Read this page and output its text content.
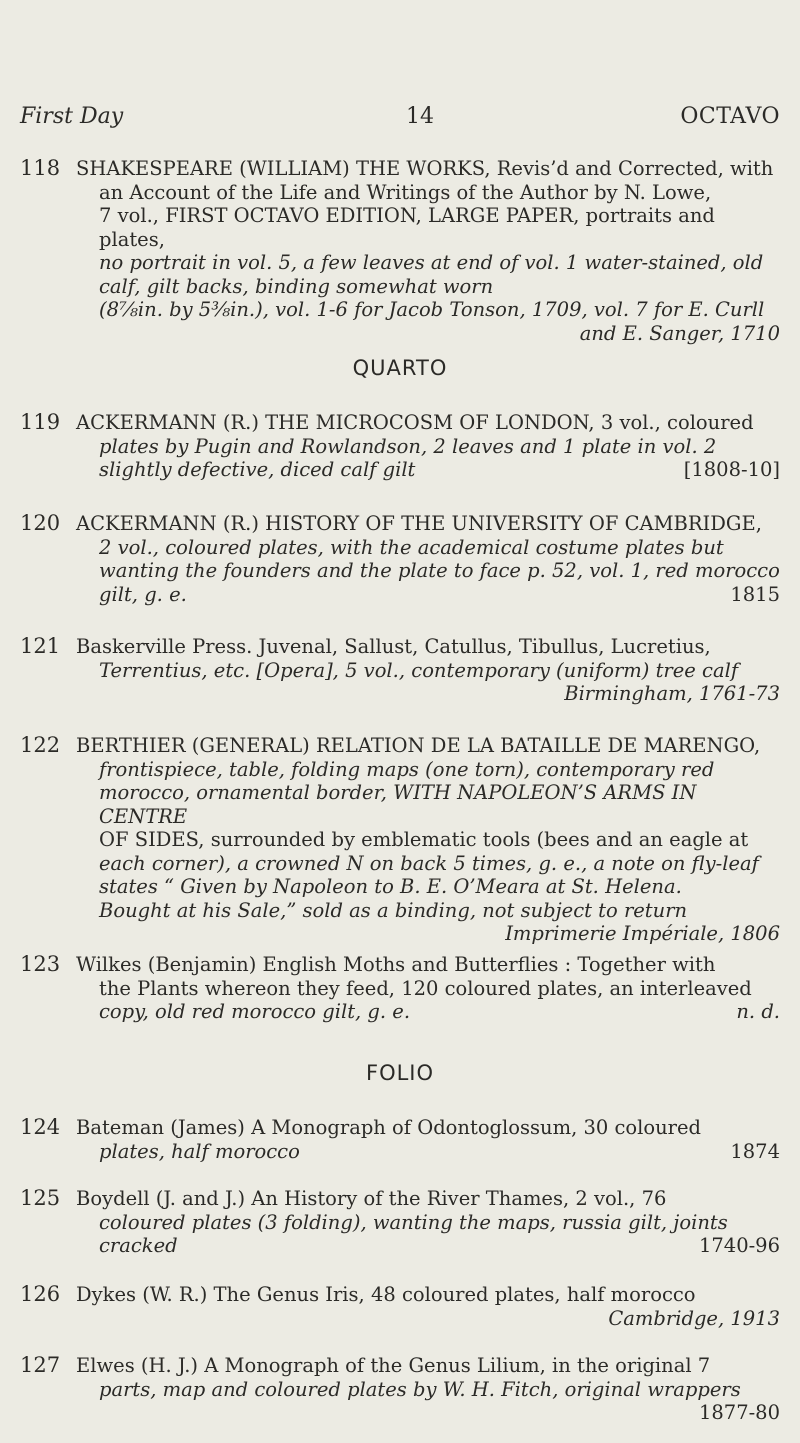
First Day	14	OCTAVO
118 SHAKESPEARE (WILLIAM) THE WORKS, Revis’d and Corrected, with
an Account of the Life and Writings of the Author by N. Lowe,
7 vol., FIRST OCTAVO EDITION, LARGE PAPER, portraits and plates,
no portrait in vol. 5, a few leaves at end of vol. 1 water-stained, old
calf, gilt backs, binding somewhat worn
(8⅞in. by 5⅜in.), vol. 1-6 for Jacob Tonson, 1709, vol. 7 for E. Curll
and E. Sanger, 1710
QUARTO
119 ACKERMANN (R.) THE MICROCOSM OF LONDON, 3 vol., coloured
plates by Pugin and Rowlandson, 2 leaves and 1 plate in vol. 2
slightly defective, diced calf gilt	[1808-10]
120 ACKERMANN (R.) HISTORY OF THE UNIVERSITY OF CAMBRIDGE,
2 vol., coloured plates, with the academical costume plates but
wanting the founders and the plate to face p. 52, vol. 1, red morocco
gilt, g. e.	1815
121 Baskerville Press. Juvenal, Sallust, Catullus, Tibullus, Lucretius,
Terrentius, etc. [Opera], 5 vol., contemporary (uniform) tree calf
Birmingham, 1761-73
122 BERTHIER (GENERAL) RELATION DE LA BATAILLE DE MARENGO,
frontispiece, table, folding maps (one torn), contemporary red
morocco, ornamental border, WITH NAPOLEON’S ARMS IN CENTRE
OF SIDES, surrounded by emblematic tools (bees and an eagle at
each corner), a crowned N on back 5 times, g. e., a note on fly-leaf
states “ Given by Napoleon to B. E. O’Meara at St. Helena.
Bought at his Sale,” sold as a binding, not subject to return
Imprimerie Impériale, 1806
123 Wilkes (Benjamin) English Moths and Butterflies : Together with
the Plants whereon they feed, 120 coloured plates, an interleaved
copy, old red morocco gilt, g. e.	n. d.
FOLIO
124 Bateman (James) A Monograph of Odontoglossum, 30 coloured
plates, half morocco	1874
125 Boydell (J. and J.) An History of the River Thames, 2 vol., 76
coloured plates (3 folding), wanting the maps, russia gilt, joints
cracked	1740-96
126 Dykes (W. R.) The Genus Iris, 48 coloured plates, half morocco
Cambridge, 1913
127 Elwes (H. J.) A Monograph of the Genus Lilium, in the original 7
parts, map and coloured plates by W. H. Fitch, original wrappers
1877-80
